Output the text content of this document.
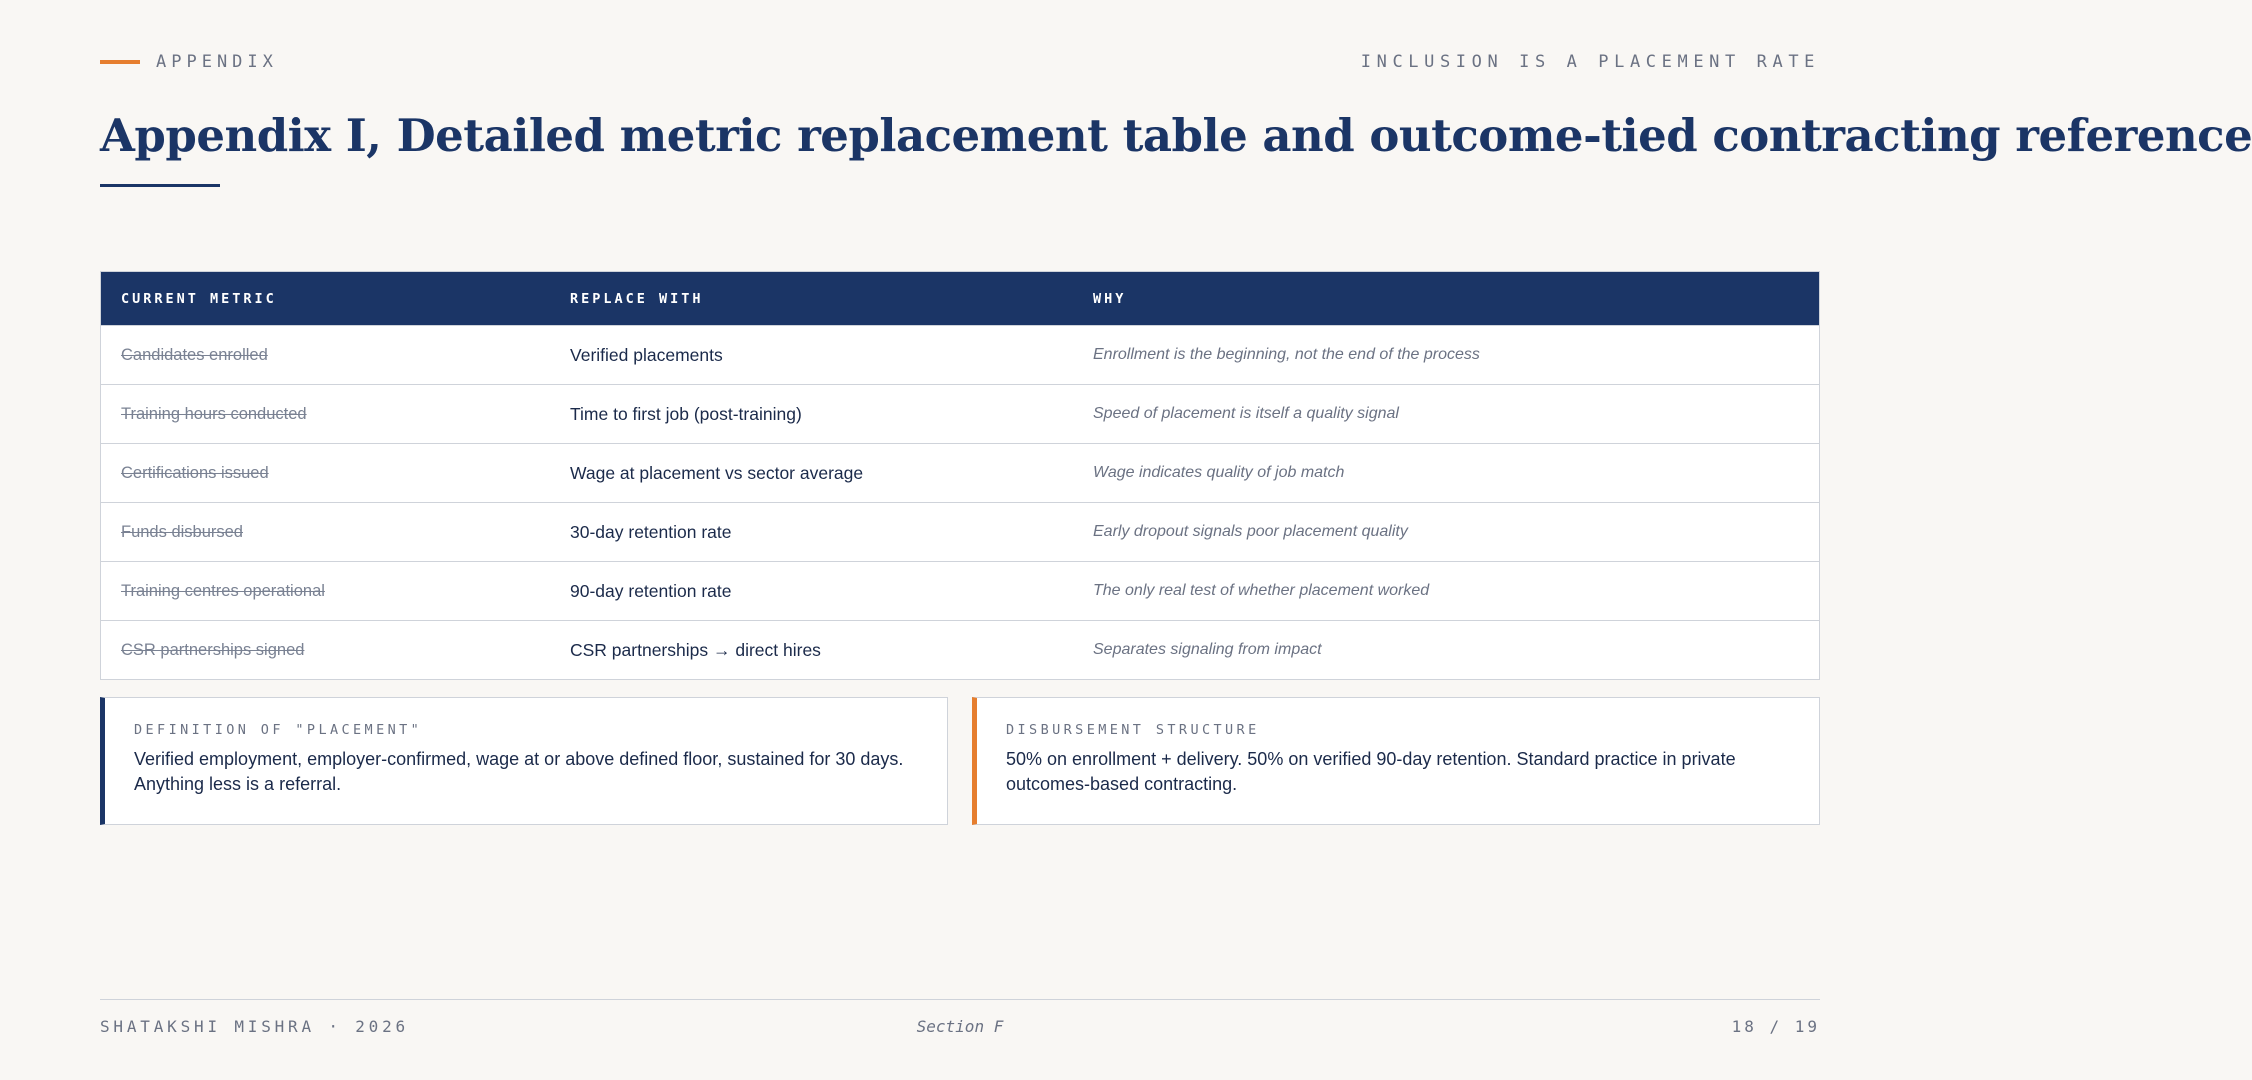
APPENDIX	INCLUSION IS A PLACEMENT RATE
Appendix I, Detailed metric replacement table and outcome-tied contracting reference
CURRENT METRIC	REPLACE WITH	WHY
Candidates enrolled	Verified placements	Enrollment is the beginning, not the end of the process
Training hours conducted	Time to first job (post-training)	Speed of placement is itself a quality signal
Certifications issued	Wage at placement vs sector average	Wage indicates quality of job match
Funds disbursed	30-day retention rate	Early dropout signals poor placement quality
Training centres operational	90-day retention rate	The only real test of whether placement worked
CSR partnerships signed	CSR partnerships → direct hires	Separates signaling from impact
DEFINITION OF "PLACEMENT"
Verified employment, employer-confirmed, wage at or above defined floor, sustained for 30 days. Anything less is a referral.
DISBURSEMENT STRUCTURE
50% on enrollment + delivery. 50% on verified 90-day retention. Standard practice in private outcomes-based contracting.
SHATAKSHI MISHRA · 2026	Section F	18 / 19
